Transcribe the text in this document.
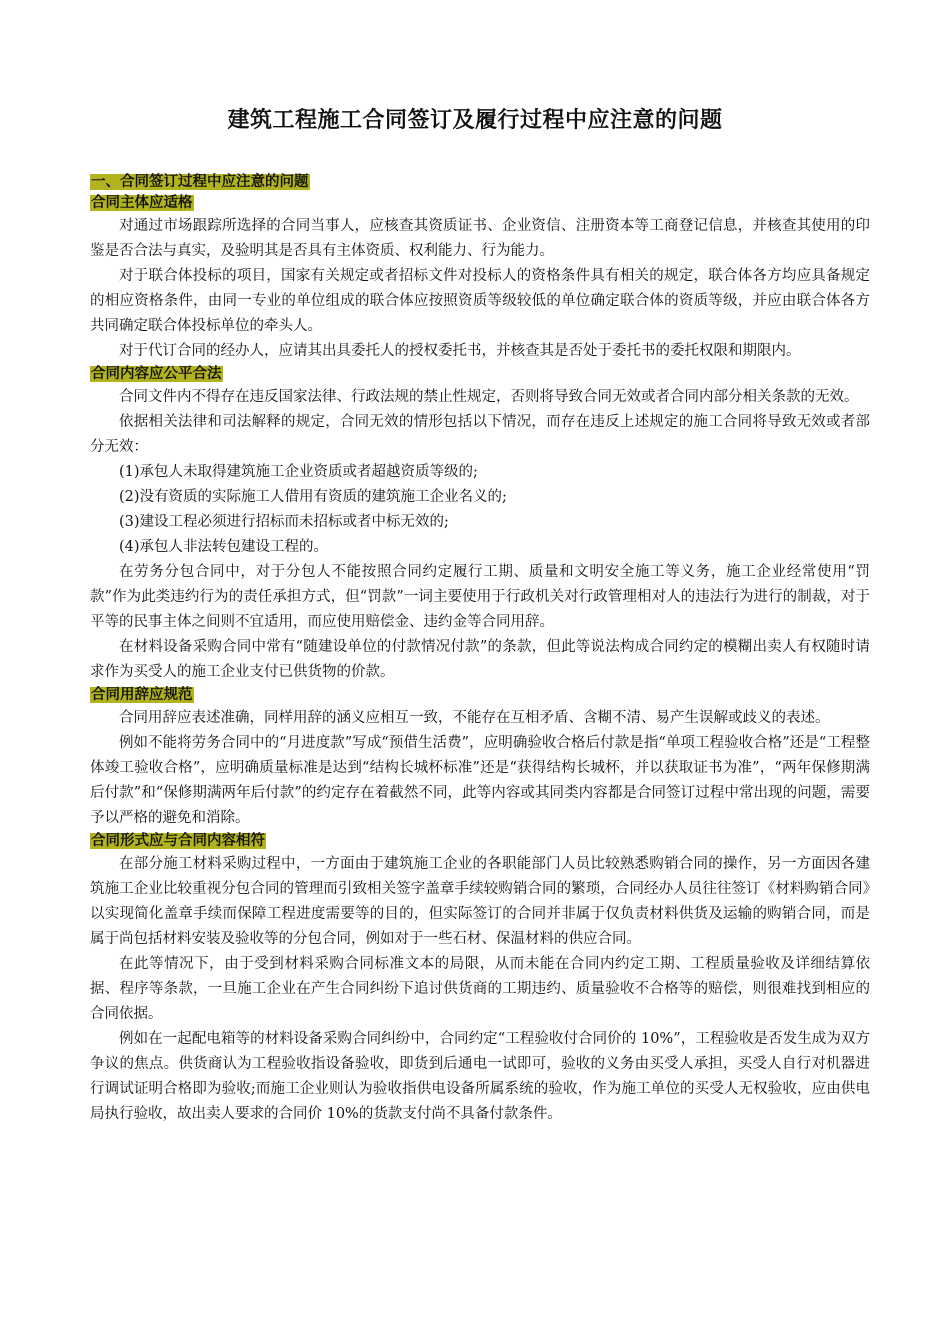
建筑工程施工合同签订及履行过程中应注意的问题
一、合同签订过程中应注意的问题
合同主体应适格

对通过市场跟踪所选择的合同当事人，应核查其资质证书、企业资信、注册资本等工商登记信息，并核查其使用的印鉴是否合法与真实，及验明其是否具有主体资质、权利能力、行为能力。

对于联合体投标的项目，国家有关规定或者招标文件对投标人的资格条件具有相关的规定，联合体各方均应具备规定的相应资格条件，由同一专业的单位组成的联合体应按照资质等级较低的单位确定联合体的资质等级，并应由联合体各方共同确定联合体投标单位的牵头人。

对于代订合同的经办人，应请其出具委托人的授权委托书，并核查其是否处于委托书的委托权限和期限内。

合同内容应公平合法

合同文件内不得存在违反国家法律、行政法规的禁止性规定，否则将导致合同无效或者合同内部分相关条款的无效。

依据相关法律和司法解释的规定，合同无效的情形包括以下情况，而存在违反上述规定的施工合同将导致无效或者部分无效：

(1)承包人未取得建筑施工企业资质或者超越资质等级的;

(2)没有资质的实际施工人借用有资质的建筑施工企业名义的;

(3)建设工程必须进行招标而未招标或者中标无效的;

(4)承包人非法转包建设工程的。

在劳务分包合同中，对于分包人不能按照合同约定履行工期、质量和文明安全施工等义务，施工企业经常使用“罚款”作为此类违约行为的责任承担方式，但“罚款”一词主要使用于行政机关对行政管理相对人的违法行为进行的制裁，对于平等的民事主体之间则不宜适用，而应使用赔偿金、违约金等合同用辞。

在材料设备采购合同中常有“随建设单位的付款情况付款”的条款，但此等说法构成合同约定的模糊出卖人有权随时请求作为买受人的施工企业支付已供货物的价款。

合同用辞应规范

合同用辞应表述准确，同样用辞的涵义应相互一致，不能存在互相矛盾、含糊不清、易产生误解或歧义的表述。

例如不能将劳务合同中的“月进度款”写成“预借生活费”，应明确验收合格后付款是指“单项工程验收合格”还是“工程整体竣工验收合格”，应明确质量标准是达到“结构长城杯标准”还是“获得结构长城杯，并以获取证书为准”，“两年保修期满后付款”和“保修期满两年后付款”的约定存在着截然不同，此等内容或其同类内容都是合同签订过程中常出现的问题，需要予以严格的避免和消除。

合同形式应与合同内容相符

在部分施工材料采购过程中，一方面由于建筑施工企业的各职能部门人员比较熟悉购销合同的操作，另一方面因各建筑施工企业比较重视分包合同的管理而引致相关签字盖章手续较购销合同的繁琐，合同经办人员往往签订《材料购销合同》以实现简化盖章手续而保障工程进度需要等的目的，但实际签订的合同并非属于仅负责材料供货及运输的购销合同，而是属于尚包括材料安装及验收等的分包合同，例如对于一些石材、保温材料的供应合同。

在此等情况下，由于受到材料采购合同标准文本的局限，从而未能在合同内约定工期、工程质量验收及详细结算依据、程序等条款，一旦施工企业在产生合同纠纷下追讨供货商的工期违约、质量验收不合格等的赔偿，则很难找到相应的合同依据。

例如在一起配电箱等的材料设备采购合同纠纷中，合同约定“工程验收付合同价的 10%”，工程验收是否发生成为双方争议的焦点。供货商认为工程验收指设备验收，即货到后通电一试即可，验收的义务由买受人承担，买受人自行对机器进行调试证明合格即为验收;而施工企业则认为验收指供电设备所属系统的验收，作为施工单位的买受人无权验收，应由供电局执行验收，故出卖人要求的合同价 10%的货款支付尚不具备付款条件。
